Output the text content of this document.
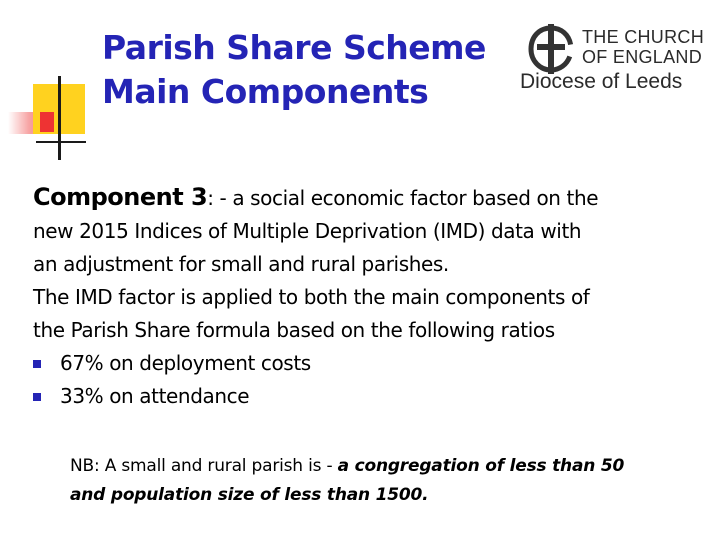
Parish Share Scheme
Main Components
THE CHURCH
OF ENGLAND
Diocese of Leeds
Component 3: - a social economic factor based on the
new 2015 Indices of Multiple Deprivation (IMD) data with
an adjustment for small and rural parishes.
The IMD factor is applied to both the main components of
the Parish Share formula based on the following ratios
67% on deployment costs
33% on attendance
NB: A small and rural parish is - a congregation of less than 50
and population size of less than 1500.
